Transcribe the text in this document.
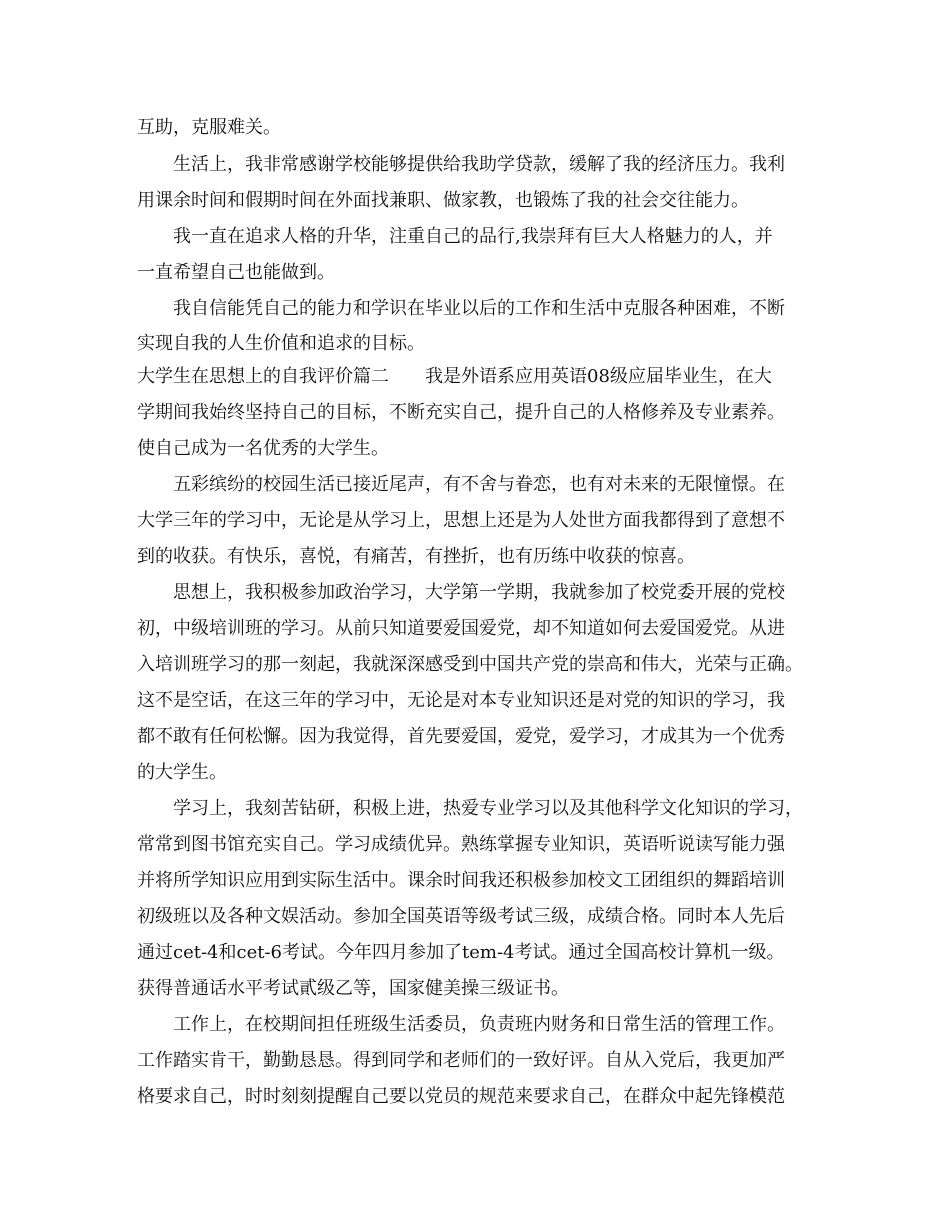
互助，克服难关。
生活上，我非常感谢学校能够提供给我助学贷款，缓解了我的经济压力。我利
用课余时间和假期时间在外面找兼职、做家教，也锻炼了我的社会交往能力。
我一直在追求人格的升华，注重自己的品行,我崇拜有巨大人格魅力的人，并
一直希望自己也能做到。
我自信能凭自己的能力和学识在毕业以后的工作和生活中克服各种困难，不断
实现自我的人生价值和追求的目标。
大学生在思想上的自我评价篇二　　我是外语系应用英语08级应届毕业生，在大
学期间我始终坚持自己的目标，不断充实自己，提升自己的人格修养及专业素养。
使自己成为一名优秀的大学生。
五彩缤纷的校园生活已接近尾声，有不舍与眷恋，也有对未来的无限憧憬。在
大学三年的学习中，无论是从学习上，思想上还是为人处世方面我都得到了意想不
到的收获。有快乐，喜悦，有痛苦，有挫折，也有历练中收获的惊喜。
思想上，我积极参加政治学习，大学第一学期，我就参加了校党委开展的党校
初，中级培训班的学习。从前只知道要爱国爱党，却不知道如何去爱国爱党。从进
入培训班学习的那一刻起，我就深深感受到中国共产党的崇高和伟大，光荣与正确。
这不是空话，在这三年的学习中，无论是对本专业知识还是对党的知识的学习，我
都不敢有任何松懈。因为我觉得，首先要爱国，爱党，爱学习，才成其为一个优秀
的大学生。
学习上，我刻苦钻研，积极上进，热爱专业学习以及其他科学文化知识的学习，
常常到图书馆充实自己。学习成绩优异。熟练掌握专业知识，英语听说读写能力强
并将所学知识应用到实际生活中。课余时间我还积极参加校文工团组织的舞蹈培训
初级班以及各种文娱活动。参加全国英语等级考试三级，成绩合格。同时本人先后
通过cet-4和cet-6考试。今年四月参加了tem-4考试。通过全国高校计算机一级。
获得普通话水平考试貳级乙等，国家健美操三级证书。
工作上，在校期间担任班级生活委员，负责班内财务和日常生活的管理工作。
工作踏实肯干，勤勤恳恳。得到同学和老师们的一致好评。自从入党后，我更加严
格要求自己，时时刻刻提醒自己要以党员的规范来要求自己，在群众中起先锋模范
